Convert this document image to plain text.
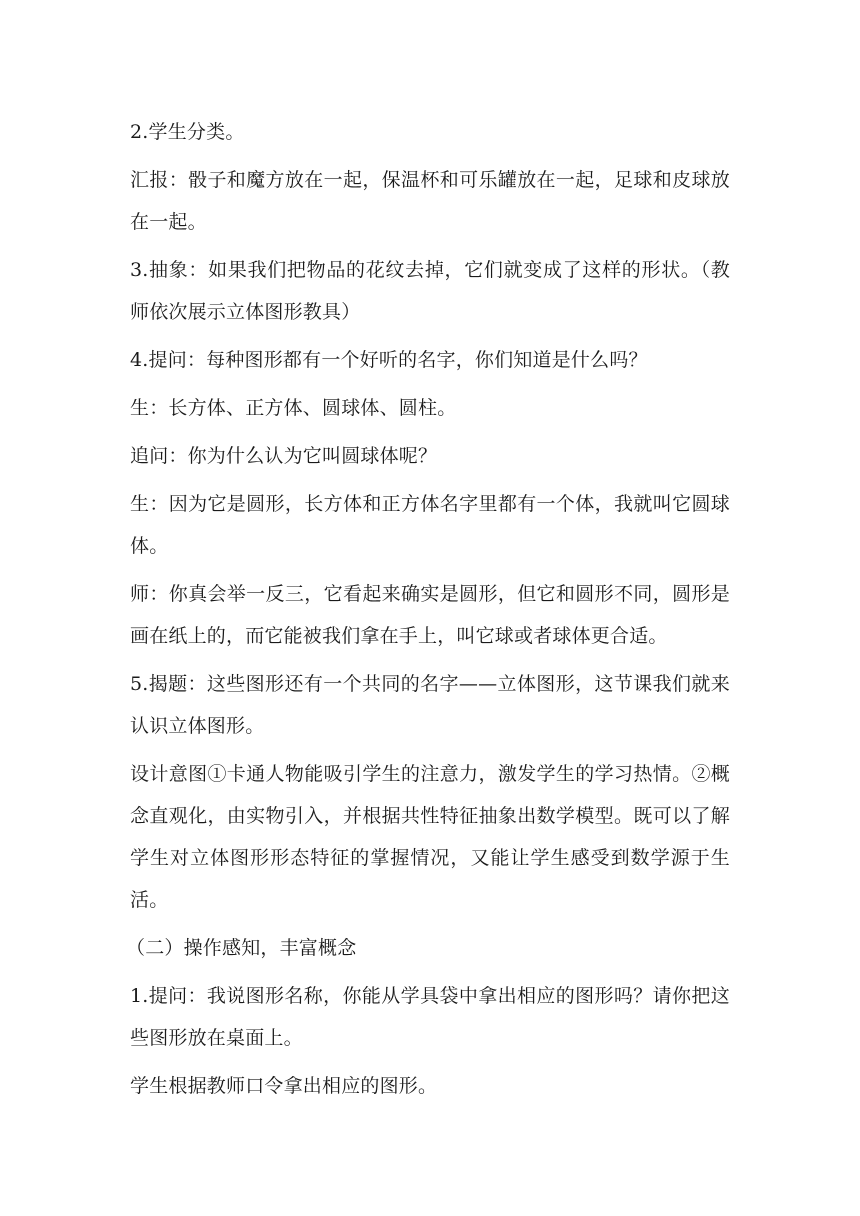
2.学生分类。

汇报：骰子和魔方放在一起，保温杯和可乐罐放在一起，足球和皮球放在一起。

3.抽象：如果我们把物品的花纹去掉，它们就变成了这样的形状。（教师依次展示立体图形教具）

4.提问：每种图形都有一个好听的名字，你们知道是什么吗？

生：长方体、正方体、圆球体、圆柱。

追问：你为什么认为它叫圆球体呢？

生：因为它是圆形，长方体和正方体名字里都有一个体，我就叫它圆球体。

师：你真会举一反三，它看起来确实是圆形，但它和圆形不同，圆形是画在纸上的，而它能被我们拿在手上，叫它球或者球体更合适。

5.揭题：这些图形还有一个共同的名字——立体图形，这节课我们就来认识立体图形。

设计意图①卡通人物能吸引学生的注意力，激发学生的学习热情。②概念直观化，由实物引入，并根据共性特征抽象出数学模型。既可以了解学生对立体图形形态特征的掌握情况，又能让学生感受到数学源于生活。

（二）操作感知，丰富概念

1.提问：我说图形名称，你能从学具袋中拿出相应的图形吗？请你把这些图形放在桌面上。

学生根据教师口令拿出相应的图形。
